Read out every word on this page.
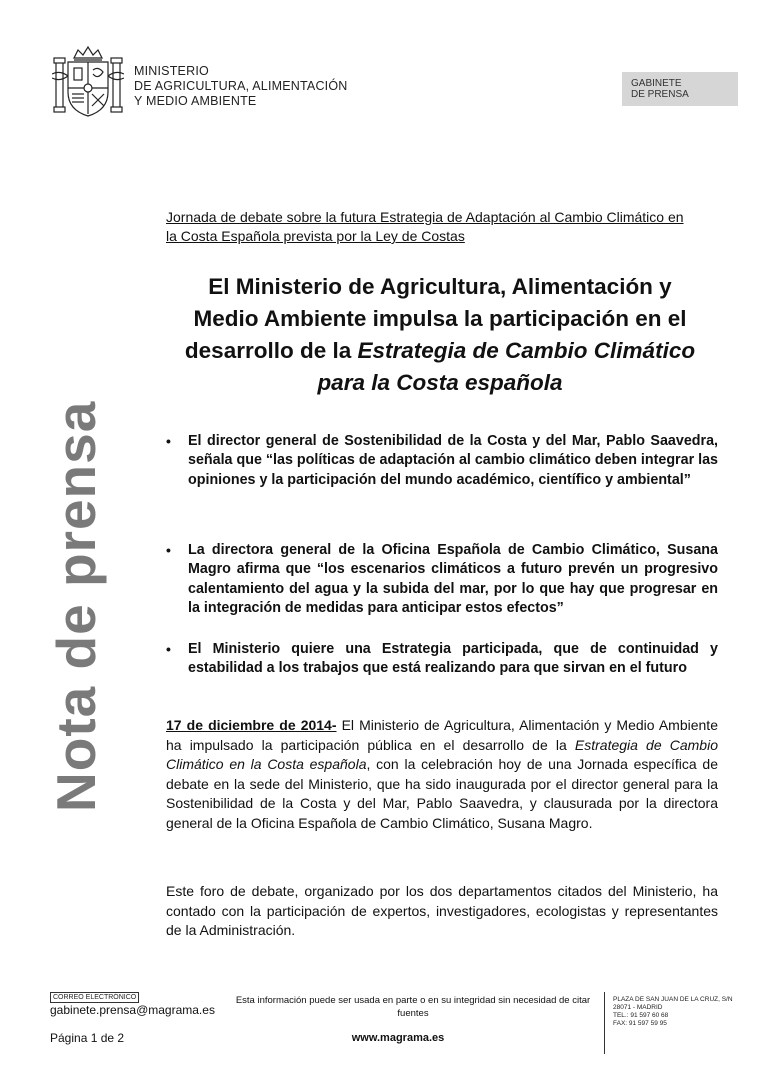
MINISTERIO
DE AGRICULTURA, ALIMENTACIÓN
Y MEDIO AMBIENTE
GABINETE
DE PRENSA
Nota de prensa
Jornada de debate sobre la futura Estrategia de Adaptación al Cambio Climático en
la Costa Española prevista por la Ley de Costas
El Ministerio de Agricultura, Alimentación y
Medio Ambiente impulsa la participación en el
desarrollo de la Estrategia de Cambio Climático
para la Costa española
• El director general de Sostenibilidad de la Costa y del Mar, Pablo Saavedra, señala que “las políticas de adaptación al cambio climático deben integrar las opiniones y la participación del mundo académico, científico y ambiental”
• La directora general de la Oficina Española de Cambio Climático, Susana Magro afirma que “los escenarios climáticos a futuro prevén un progresivo calentamiento del agua y la subida del mar, por lo que hay que progresar en la integración de medidas para anticipar estos efectos”
• El Ministerio quiere una Estrategia participada, que de continuidad y estabilidad a los trabajos que está realizando para que sirvan en el futuro
17 de diciembre de 2014- El Ministerio de Agricultura, Alimentación y Medio Ambiente ha impulsado la participación pública en el desarrollo de la Estrategia de Cambio Climático en la Costa española, con la celebración hoy de una Jornada específica de debate en la sede del Ministerio, que ha sido inaugurada por el director general para la Sostenibilidad de la Costa y del Mar, Pablo Saavedra, y clausurada por la directora general de la Oficina Española de Cambio Climático, Susana Magro.
Este foro de debate, organizado por los dos departamentos citados del Ministerio, ha contado con la participación de expertos, investigadores, ecologistas y representantes de la Administración.
CORREO ELECTRÓNICO
gabinete.prensa@magrama.es
Página 1 de 2
Esta información puede ser usada en parte o en su integridad sin necesidad de citar fuentes
www.magrama.es
PLAZA DE SAN JUAN DE LA CRUZ, S/N
28071 - MADRID
TEL.: 91 597 60 68
FAX: 91 597 59 95
